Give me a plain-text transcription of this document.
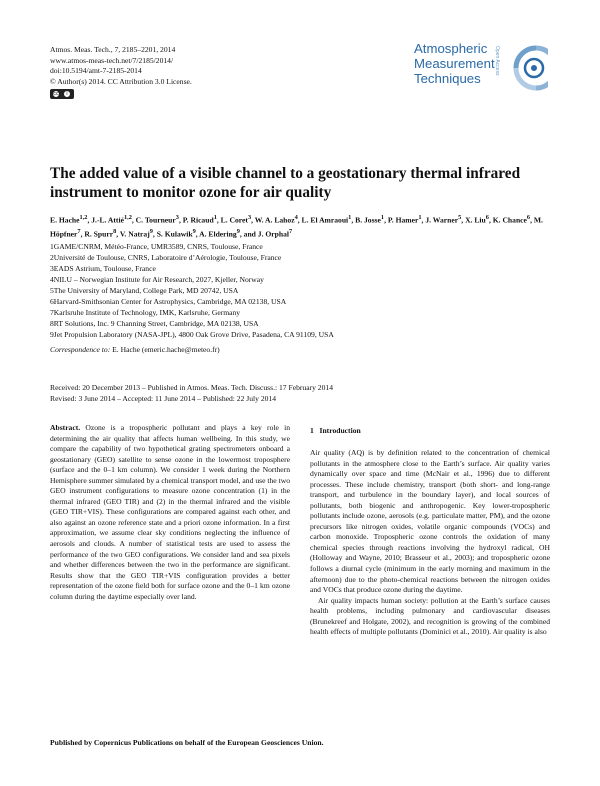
Atmos. Meas. Tech., 7, 2185–2201, 2014
www.atmos-meas-tech.net/7/2185/2014/
doi:10.5194/amt-7-2185-2014
© Author(s) 2014. CC Attribution 3.0 License.
cc	i
Atmospheric
Measurement
Techniques
Open Access
The added value of a visible channel to a geostationary thermal infrared instrument to monitor ozone for air quality
E. Hache$^{1,2}$, J.-L. Attié$^{1,2}$, C. Tourneur$^3$, P. Ricaud$^1$, L. Coret$^3$, W. A. Lahoz$^4$, L. El Amraoui$^1$, B. Josse$^1$, P. Hamer$^1$, J. Warner$^5$, X. Liu$^6$, K. Chance$^6$, M. Höpfner$^7$, R. Spurr$^8$, V. Natraj$^9$, S. Kulawik$^9$, A. Eldering$^9$, and J. Orphal$^7$
1GAME/CNRM, Météo-France, UMR3589, CNRS, Toulouse, France
2Université de Toulouse, CNRS, Laboratoire d’Aérologie, Toulouse, France
3EADS Astrium, Toulouse, France
4NILU – Norwegian Institute for Air Research, 2027, Kjeller, Norway
5The University of Maryland, College Park, MD 20742, USA
6Harvard-Smithsonian Center for Astrophysics, Cambridge, MA 02138, USA
7Karlsruhe Institute of Technology, IMK, Karlsruhe, Germany
8RT Solutions, Inc. 9 Channing Street, Cambridge, MA 02138, USA
9Jet Propulsion Laboratory (NASA-JPL), 4800 Oak Grove Drive, Pasadena, CA 91109, USA
Correspondence to: E. Hache (emeric.hache@meteo.fr)
Received: 20 December 2013 – Published in Atmos. Meas. Tech. Discuss.: 17 February 2014
Revised: 3 June 2014 – Accepted: 11 June 2014 – Published: 22 July 2014

Abstract. Ozone is a tropospheric pollutant and plays a key role in determining the air quality that affects human wellbeing. In this study, we compare the capability of two hypothetical grating spectrometers onboard a geostationary (GEO) satellite to sense ozone in the lowermost troposphere (surface and the 0–1 km column). We consider 1 week during the Northern Hemisphere summer simulated by a chemical transport model, and use the two GEO instrument configurations to measure ozone concentration (1) in the thermal infrared (GEO TIR) and (2) in the thermal infrared and the visible (GEO TIR+VIS). These configurations are compared against each other, and also against an ozone reference state and a priori ozone information. In a first approximation, we assume clear sky conditions neglecting the influence of aerosols and clouds. A number of statistical tests are used to assess the performance of the two GEO configurations. We consider land and sea pixels and whether differences between the two in the performance are significant. Results show that the GEO TIR+VIS configuration provides a better representation of the ozone field both for surface ozone and the 0–1 km ozone column during the daytime especially over land.

1 Introduction

Air quality (AQ) is by definition related to the concentration of chemical pollutants in the atmosphere close to the Earth’s surface. Air quality varies dynamically over space and time (McNair et al., 1996) due to different processes. These include chemistry, transport (both short- and long-range transport, and turbulence in the boundary layer), and local sources of pollutants, both biogenic and anthropogenic. Key lower-tropospheric pollutants include ozone, aerosols (e.g. particulate matter, PM), and the ozone precursors like nitrogen oxides, volatile organic compounds (VOCs) and carbon monoxide. Tropospheric ozone controls the oxidation of many chemical species through reactions involving the hydroxyl radical, OH (Holloway and Wayne, 2010; Brasseur et al., 2003); and tropospheric ozone follows a diurnal cycle (minimum in the early morning and maximum in the afternoon) due to the photo-chemical reactions between the nitrogen oxides and VOCs that produce ozone during the daytime.

Air quality impacts human society: pollution at the Earth’s surface causes health problems, including pulmonary and cardiovascular diseases (Brunekreef and Holgate, 2002), and recognition is growing of the combined health effects of multiple pollutants (Dominici et al., 2010). Air quality is also

Published by Copernicus Publications on behalf of the European Geosciences Union.
